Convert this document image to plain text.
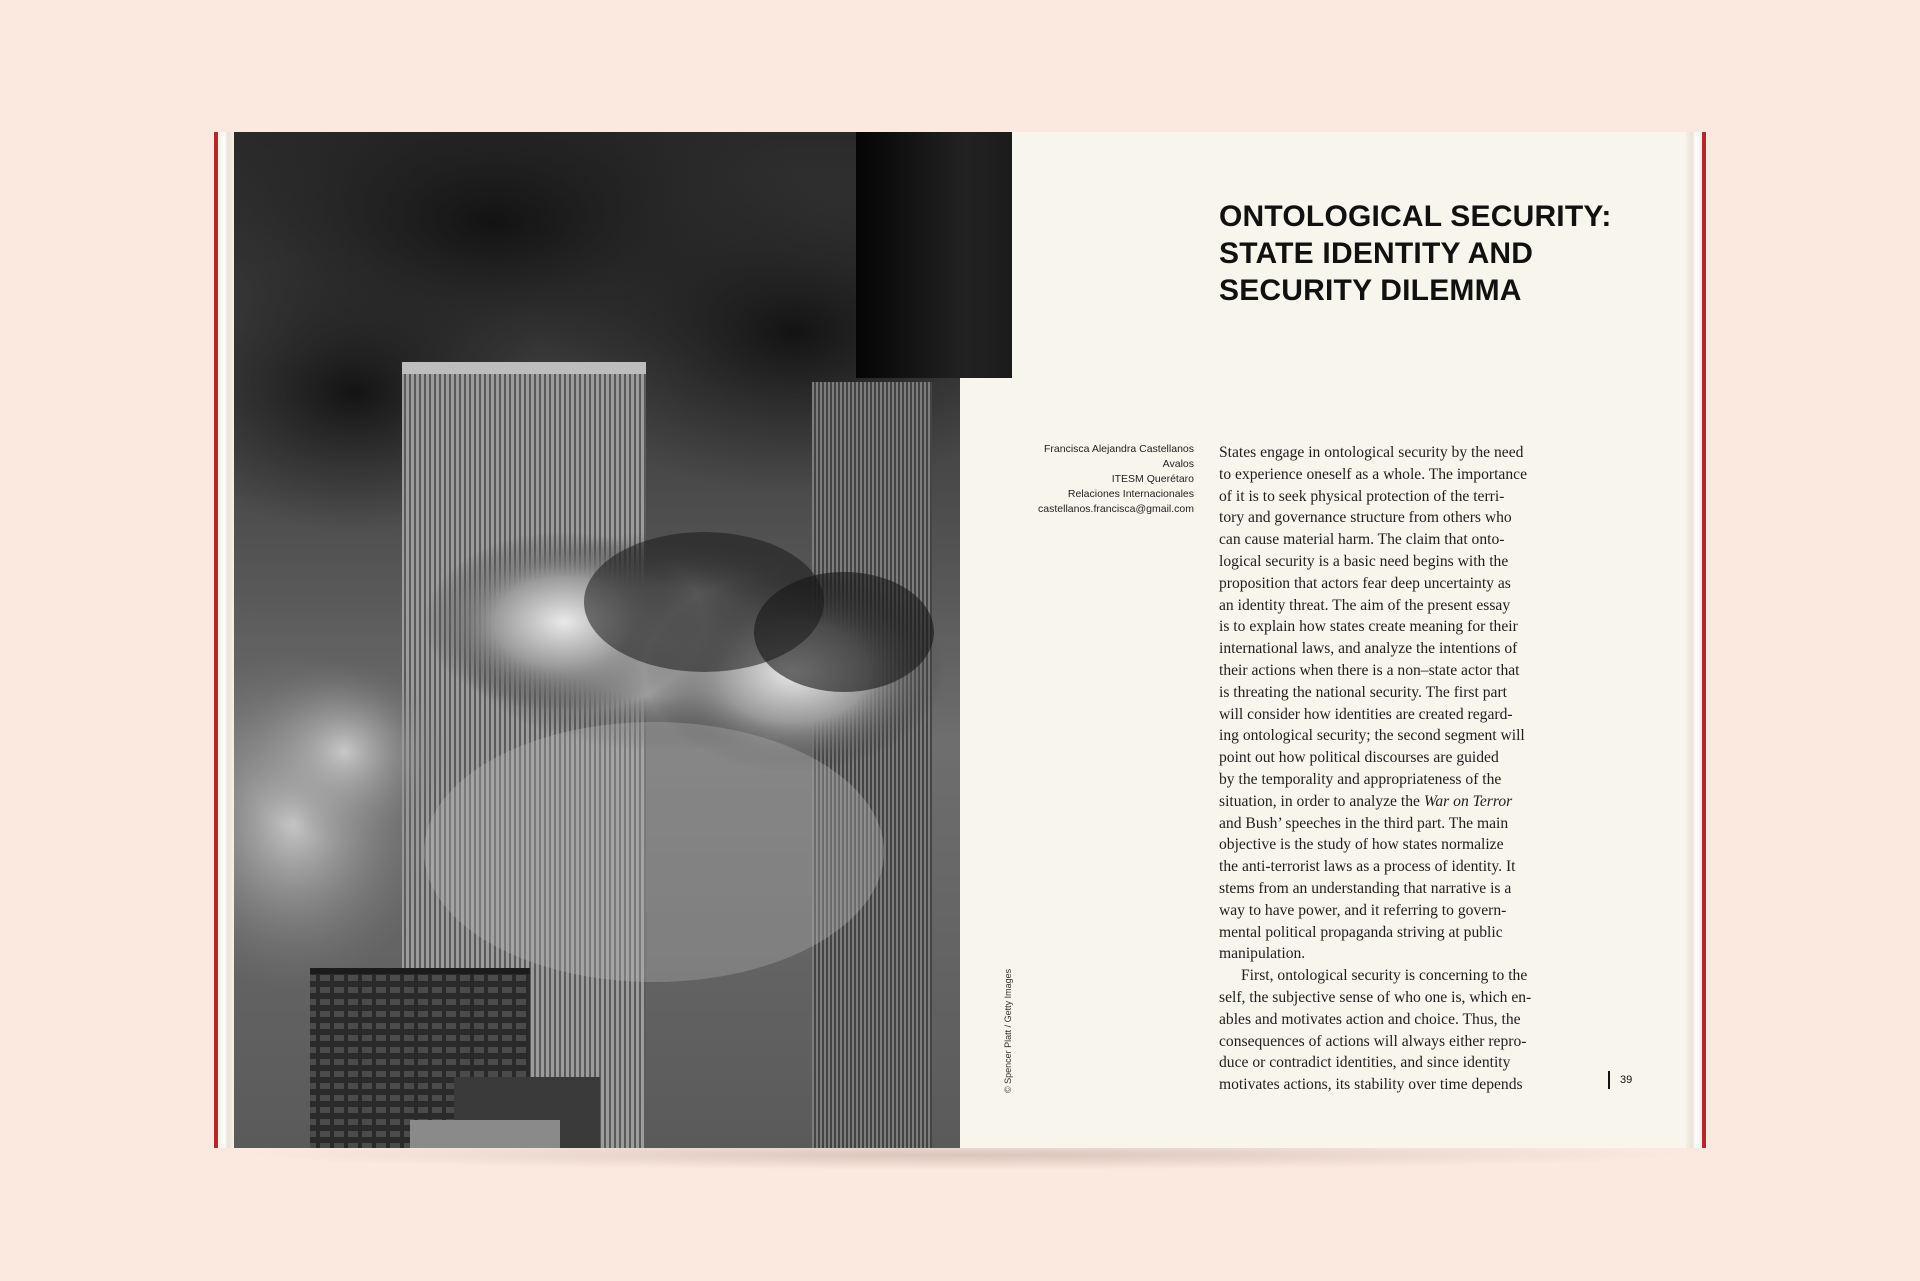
© Spencer Platt / Getty Images
ONTOLOGICAL SECURITY: STATE IDENTITY AND SECURITY DILEMMA
Francisca Alejandra Castellanos
Avalos
ITESM Querétaro
Relaciones Internacionales
castellanos.francisca@gmail.com

States engage in ontological security by the need
to experience oneself as a whole. The importance
of it is to seek physical protection of the terri-
tory and governance structure from others who
can cause material harm. The claim that onto-
logical security is a basic need begins with the
proposition that actors fear deep uncertainty as
an identity threat. The aim of the present essay
is to explain how states create meaning for their
international laws, and analyze the intentions of
their actions when there is a non–state actor that
is threating the national security. The first part
will consider how identities are created regard-
ing ontological security; the second segment will
point out how political discourses are guided
by the temporality and appropriateness of the
situation, in order to analyze the War on Terror
and Bush’ speeches in the third part. The main
objective is the study of how states normalize
the anti-terrorist laws as a process of identity. It
stems from an understanding that narrative is a
way to have power, and it referring to govern-
mental political propaganda striving at public
manipulation.

First, ontological security is concerning to the
self, the subjective sense of who one is, which en-
ables and motivates action and choice. Thus, the
consequences of actions will always either repro-
duce or contradict identities, and since identity
motivates actions, its stability over time depends	39
